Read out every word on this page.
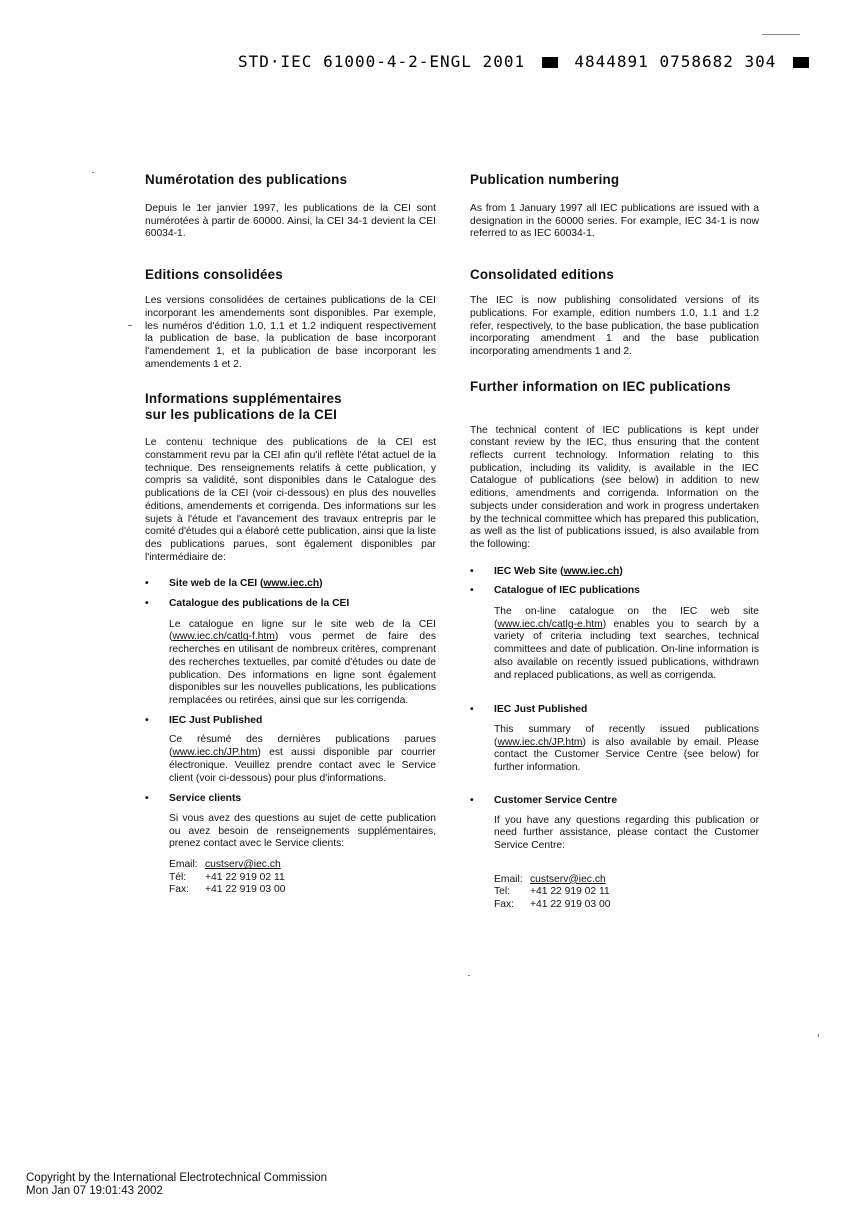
STD·IEC 61000-4-2-ENGL 2001	4844891 0758682 304
Numérotation des publications

Depuis le 1er janvier 1997, les publications de la CEI sont numérotées à partir de 60000. Ainsi, la CEI 34-1 devient la CEI 60034-1.

Editions consolidées

Les versions consolidées de certaines publications de la CEI incorporant les amendements sont disponibles. Par exemple, les numéros d'édition 1.0, 1.1 et 1.2 indiquent respectivement la publication de base, la publication de base incorporant l'amendement 1, et la publication de base incorporant les amendements 1 et 2.

Informations supplémentaires
sur les publications de la CEI

Le contenu technique des publications de la CEI est constamment revu par la CEI afin qu'il reflète l'état actuel de la technique. Des renseignements relatifs à cette publication, y compris sa validité, sont disponibles dans le Catalogue des publications de la CEI (voir ci-dessous) en plus des nouvelles éditions, amendements et corrigenda. Des informations sur les sujets à l'étude et l'avancement des travaux entrepris par le comité d'études qui a élaboré cette publication, ainsi que la liste des publications parues, sont également disponibles par l'intermédiaire de:

• Site web de la CEI (www.iec.ch)
• Catalogue des publications de la CEI

Le catalogue en ligne sur le site web de la CEI (www.iec.ch/catlg-f.htm) vous permet de faire des recherches en utilisant de nombreux critères, comprenant des recherches textuelles, par comité d'études ou date de publication. Des informations en ligne sont également disponibles sur les nouvelles publications, les publications remplacées ou retirées, ainsi que sur les corrigenda.

• IEC Just Published

Ce résumé des dernières publications parues (www.iec.ch/JP.htm) est aussi disponible par courrier électronique. Veuillez prendre contact avec le Service client (voir ci-dessous) pour plus d'informations.

• Service clients

Si vous avez des questions au sujet de cette publication ou avez besoin de renseignements supplémentaires, prenez contact avec le Service clients:

Email: custserv@iec.ch
Tél: +41 22 919 02 11
Fax: +41 22 919 03 00
Publication numbering

As from 1 January 1997 all IEC publications are issued with a designation in the 60000 series. For example, IEC 34-1 is now referred to as IEC 60034-1.

Consolidated editions

The IEC is now publishing consolidated versions of its publications. For example, edition numbers 1.0, 1.1 and 1.2 refer, respectively, to the base publication, the base publication incorporating amendment 1 and the base publication incorporating amendments 1 and 2.

Further information on IEC publications

The technical content of IEC publications is kept under constant review by the IEC, thus ensuring that the content reflects current technology. Information relating to this publication, including its validity, is available in the IEC Catalogue of publications (see below) in addition to new editions, amendments and corrigenda. Information on the subjects under consideration and work in progress undertaken by the technical committee which has prepared this publication, as well as the list of publications issued, is also available from the following:

• IEC Web Site (www.iec.ch)
• Catalogue of IEC publications

The on-line catalogue on the IEC web site (www.iec.ch/catlg-e.htm) enables you to search by a variety of criteria including text searches, technical committees and date of publication. On-line information is also available on recently issued publications, withdrawn and replaced publications, as well as corrigenda.

• IEC Just Published

This summary of recently issued publications (www.iec.ch/JP.htm) is also available by email. Please contact the Customer Service Centre (see below) for further information.

• Customer Service Centre

If you have any questions regarding this publication or need further assistance, please contact the Customer Service Centre:

Email: custserv@iec.ch
Tel: +41 22 919 02 11
Fax: +41 22 919 03 00
Copyright by the International Electrotechnical Commission
Mon Jan 07 19:01:43 2002
